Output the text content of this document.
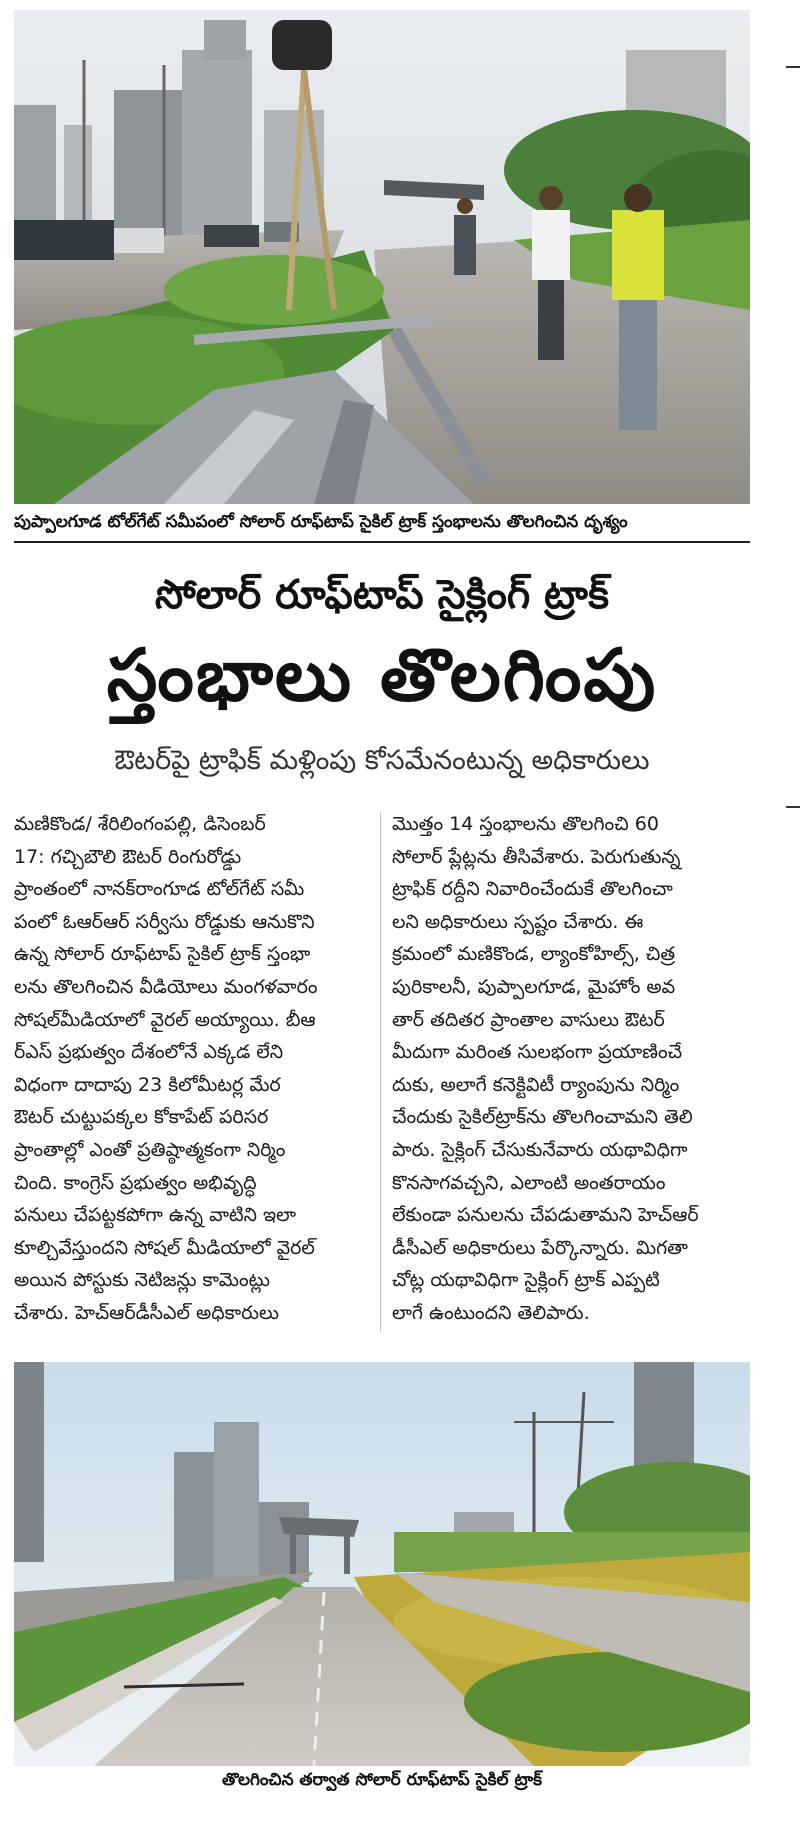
పుప్పాలగూడ టోల్‌గేట్ సమీపంలో సోలార్ రూఫ్‌టాప్ సైకిల్ ట్రాక్ స్తంభాలను తొలగించిన దృశ్యం
సోలార్ రూఫ్‌టాప్ సైక్లింగ్ ట్రాక్
స్తంభాలు తొలగింపు
ఔటర్‌పై ట్రాఫిక్ మళ్లింపు కోసమేనంటున్న అధికారులు
మణికొండ/ శేరిలింగంపల్లి, డిసెంబర్
17: గచ్చిబౌలి ఔటర్ రింగురోడ్డు
ప్రాంతంలో నానక్‌రాంగూడ టోల్‌గేట్ సమీ
పంలో ఓఆర్‌ఆర్ సర్వీసు రోడ్డుకు ఆనుకొని
ఉన్న సోలార్ రూఫ్‌టాప్ సైకిల్ ట్రాక్ స్తంభా
లను తొలగించిన వీడియోలు మంగళవారం
సోషల్‌మీడియాలో వైరల్ అయ్యాయి. బీఆ
ర్‌ఎస్ ప్రభుత్వం దేశంలోనే ఎక్కడ లేని
విధంగా దాదాపు 23 కిలోమీటర్ల మేర
ఔటర్ చుట్టుపక్కల కోకాపేట్ పరిసర
ప్రాంతాల్లో ఎంతో ప్రతిష్ఠాత్మకంగా నిర్మిం
చింది. కాంగ్రెస్ ప్రభుత్వం అభివృద్ధి
పనులు చేపట్టకపోగా ఉన్న వాటిని ఇలా
కూల్చివేస్తుందని సోషల్ మీడియాలో వైరల్
అయిన పోస్టుకు నెటిజన్లు కామెంట్లు
చేశారు. హెచ్‌ఆర్‌డీసీఎల్ అధికారులు
మొత్తం 14 స్తంభాలను తొలగించి 60
సోలార్ ప్లేట్లను తీసివేశారు. పెరుగుతున్న
ట్రాఫిక్ రద్దీని నివారించేందుకే తొలగించా
లని అధికారులు స్పష్టం చేశారు. ఈ
క్రమంలో మణికొండ, ల్యాంకోహిల్స్, చిత్ర
పురికాలనీ, పుప్పాలగూడ, మైహోం అవ
తార్ తదితర ప్రాంతాల వాసులు ఔటర్
మీదుగా మరింత సులభంగా ప్రయాణించే
దుకు, అలాగే కనెక్టివిటీ ర్యాంపును నిర్మిం
చేందుకు సైకిల్‌ట్రాక్‌ను తొలగించామని తెలి
పారు. సైక్లింగ్ చేసుకునేవారు యథావిధిగా
కొనసాగవచ్చని, ఎలాంటి అంతరాయం
లేకుండా పనులను చేపడుతామని హెచ్‌ఆర్
డీసీఎల్ అధికారులు పేర్కొన్నారు. మిగతా
చోట్ల యథావిధిగా సైక్లింగ్ ట్రాక్ ఎప్పటి
లాగే ఉంటుందని తెలిపారు.
తొలగించిన తర్వాత సోలార్ రూఫ్‌టాప్ సైకిల్ ట్రాక్
